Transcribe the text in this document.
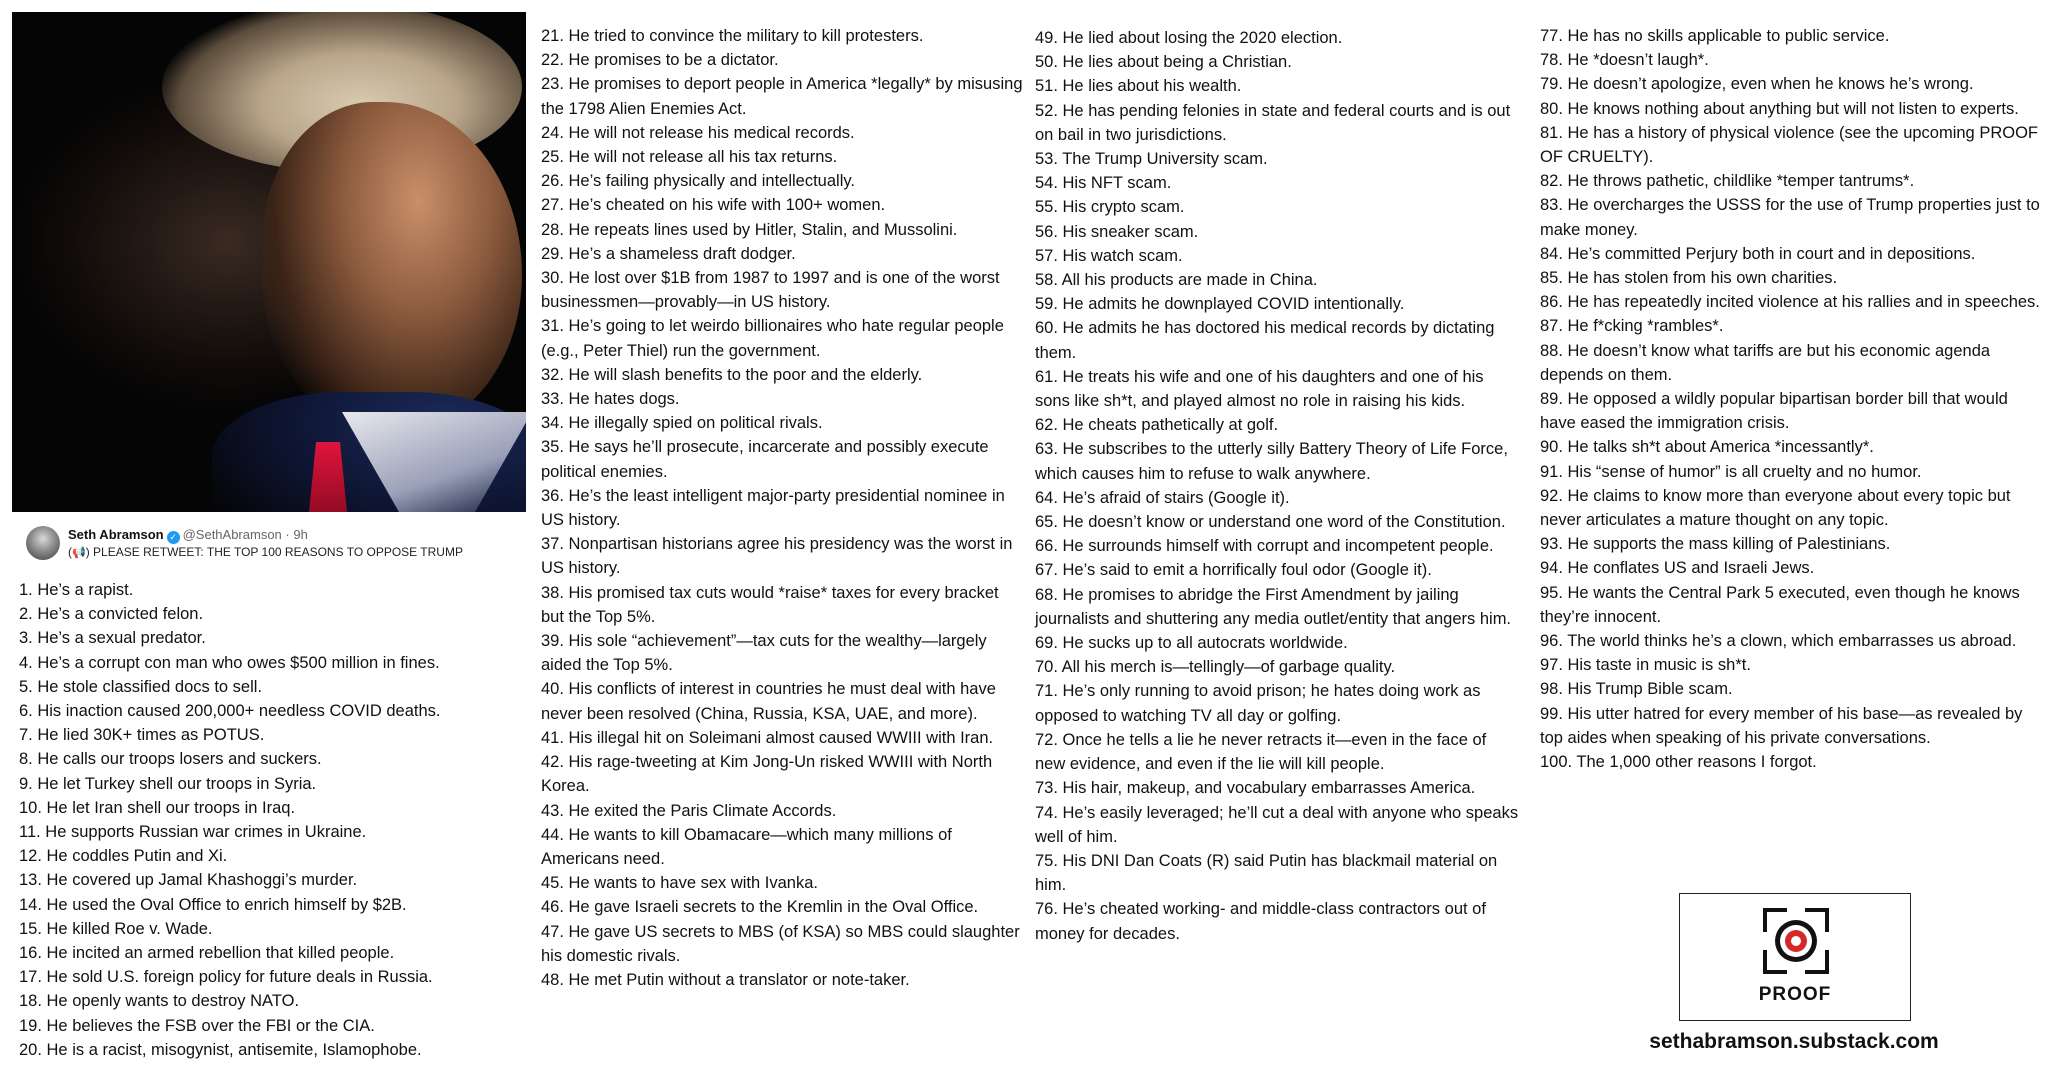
Seth Abramson ✓ @SethAbramson · 9h
(📢) PLEASE RETWEET: THE TOP 100 REASONS TO OPPOSE TRUMP
1. He’s a rapist.
2. He’s a convicted felon.
3. He’s a sexual predator.
4. He’s a corrupt con man who owes $500 million in fines.
5. He stole classified docs to sell.
6. His inaction caused 200,000+ needless COVID deaths.
7. He lied 30K+ times as POTUS.
8. He calls our troops losers and suckers.
9. He let Turkey shell our troops in Syria.
10. He let Iran shell our troops in Iraq.
11. He supports Russian war crimes in Ukraine.
12. He coddles Putin and Xi.
13. He covered up Jamal Khashoggi’s murder.
14. He used the Oval Office to enrich himself by $2B.
15. He killed Roe v. Wade.
16. He incited an armed rebellion that killed people.
17. He sold U.S. foreign policy for future deals in Russia.
18. He openly wants to destroy NATO.
19. He believes the FSB over the FBI or the CIA.
20. He is a racist, misogynist, antisemite, Islamophobe.
21. He tried to convince the military to kill protesters.
22. He promises to be a dictator.
23. He promises to deport people in America *legally* by misusing the 1798 Alien Enemies Act.
24. He will not release his medical records.
25. He will not release all his tax returns.
26. He’s failing physically and intellectually.
27. He’s cheated on his wife with 100+ women.
28. He repeats lines used by Hitler, Stalin, and Mussolini.
29. He’s a shameless draft dodger.
30. He lost over $1B from 1987 to 1997 and is one of the worst businessmen—provably—in US history.
31. He’s going to let weirdo billionaires who hate regular people (e.g., Peter Thiel) run the government.
32. He will slash benefits to the poor and the elderly.
33. He hates dogs.
34. He illegally spied on political rivals.
35. He says he’ll prosecute, incarcerate and possibly execute political enemies.
36. He’s the least intelligent major-party presidential nominee in US history.
37. Nonpartisan historians agree his presidency was the worst in US history.
38. His promised tax cuts would *raise* taxes for every bracket but the Top 5%.
39. His sole “achievement”—tax cuts for the wealthy—largely aided the Top 5%.
40. His conflicts of interest in countries he must deal with have never been resolved (China, Russia, KSA, UAE, and more).
41. His illegal hit on Soleimani almost caused WWIII with Iran.
42. His rage-tweeting at Kim Jong-Un risked WWIII with North Korea.
43. He exited the Paris Climate Accords.
44. He wants to kill Obamacare—which many millions of Americans need.
45. He wants to have sex with Ivanka.
46. He gave Israeli secrets to the Kremlin in the Oval Office.
47. He gave US secrets to MBS (of KSA) so MBS could slaughter his domestic rivals.
48. He met Putin without a translator or note-taker.
49. He lied about losing the 2020 election.
50. He lies about being a Christian.
51. He lies about his wealth.
52. He has pending felonies in state and federal courts and is out on bail in two jurisdictions.
53. The Trump University scam.
54. His NFT scam.
55. His crypto scam.
56. His sneaker scam.
57. His watch scam.
58. All his products are made in China.
59. He admits he downplayed COVID intentionally.
60. He admits he has doctored his medical records by dictating them.
61. He treats his wife and one of his daughters and one of his sons like sh*t, and played almost no role in raising his kids.
62. He cheats pathetically at golf.
63. He subscribes to the utterly silly Battery Theory of Life Force, which causes him to refuse to walk anywhere.
64. He’s afraid of stairs (Google it).
65. He doesn’t know or understand one word of the Constitution.
66. He surrounds himself with corrupt and incompetent people.
67. He’s said to emit a horrifically foul odor (Google it).
68. He promises to abridge the First Amendment by jailing journalists and shuttering any media outlet/entity that angers him.
69. He sucks up to all autocrats worldwide.
70. All his merch is—tellingly—of garbage quality.
71. He’s only running to avoid prison; he hates doing work as opposed to watching TV all day or golfing.
72. Once he tells a lie he never retracts it—even in the face of new evidence, and even if the lie will kill people.
73. His hair, makeup, and vocabulary embarrasses America.
74. He’s easily leveraged; he’ll cut a deal with anyone who speaks well of him.
75. His DNI Dan Coats (R) said Putin has blackmail material on him.
76. He’s cheated working- and middle-class contractors out of money for decades.
77. He has no skills applicable to public service.
78. He *doesn’t laugh*.
79. He doesn’t apologize, even when he knows he’s wrong.
80. He knows nothing about anything but will not listen to experts.
81. He has a history of physical violence (see the upcoming PROOF OF CRUELTY).
82. He throws pathetic, childlike *temper tantrums*.
83. He overcharges the USSS for the use of Trump properties just to make money.
84. He’s committed Perjury both in court and in depositions.
85. He has stolen from his own charities.
86. He has repeatedly incited violence at his rallies and in speeches.
87. He f*cking *rambles*.
88. He doesn’t know what tariffs are but his economic agenda depends on them.
89. He opposed a wildly popular bipartisan border bill that would have eased the immigration crisis.
90. He talks sh*t about America *incessantly*.
91. His “sense of humor” is all cruelty and no humor.
92. He claims to know more than everyone about every topic but never articulates a mature thought on any topic.
93. He supports the mass killing of Palestinians.
94. He conflates US and Israeli Jews.
95. He wants the Central Park 5 executed, even though he knows they’re innocent.
96. The world thinks he’s a clown, which embarrasses us abroad.
97. His taste in music is sh*t.
98. His Trump Bible scam.
99. His utter hatred for every member of his base—as revealed by top aides when speaking of his private conversations.
100. The 1,000 other reasons I forgot.
PROOF
sethabramson.substack.com
